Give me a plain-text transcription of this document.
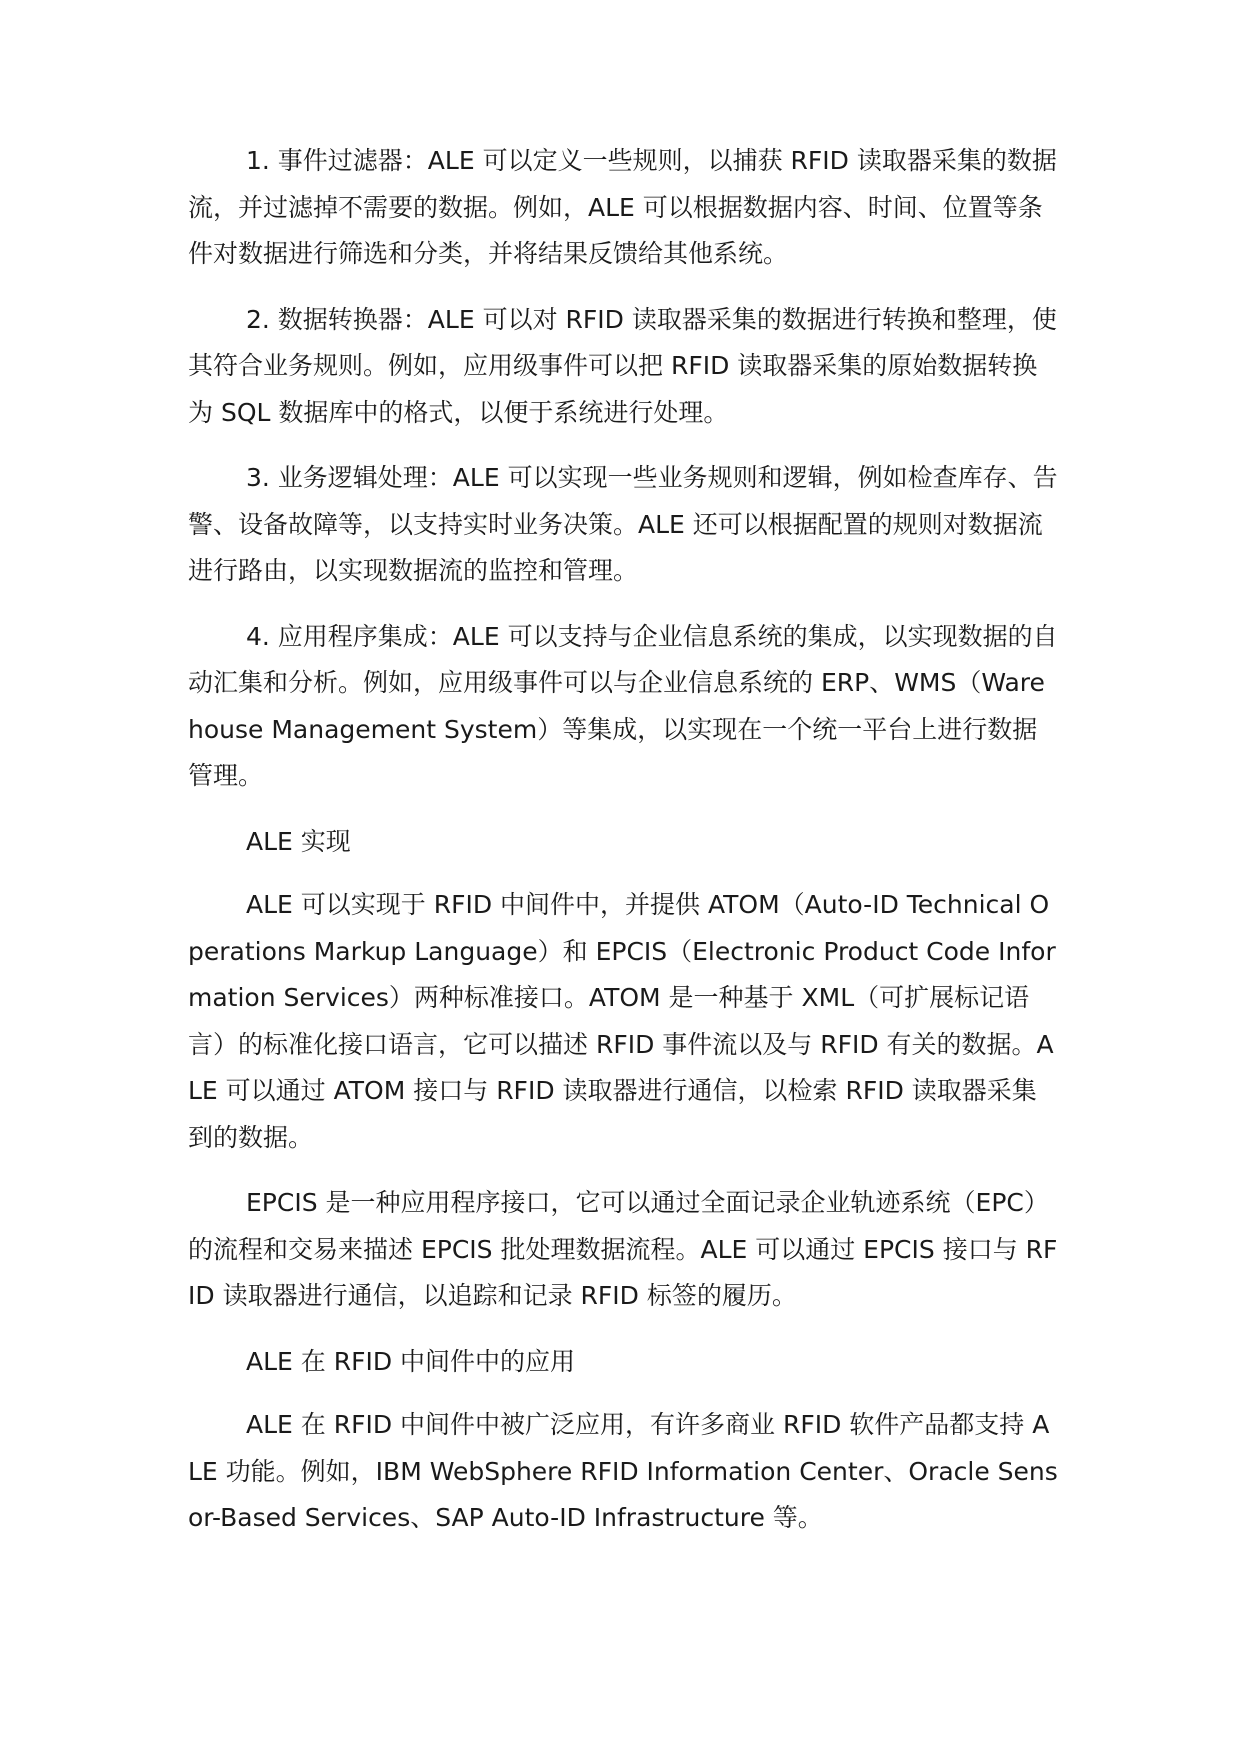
1. 事件过滤器：ALE 可以定义一些规则，以捕获 RFID 读取器采集的数据流，并过滤掉不需要的数据。例如，ALE 可以根据数据内容、时间、位置等条件对数据进行筛选和分类，并将结果反馈给其他系统。

2. 数据转换器：ALE 可以对 RFID 读取器采集的数据进行转换和整理，使其符合业务规则。例如，应用级事件可以把 RFID 读取器采集的原始数据转换为 SQL 数据库中的格式，以便于系统进行处理。

3. 业务逻辑处理：ALE 可以实现一些业务规则和逻辑，例如检查库存、告警、设备故障等，以支持实时业务决策。ALE 还可以根据配置的规则对数据流进行路由，以实现数据流的监控和管理。

4. 应用程序集成：ALE 可以支持与企业信息系统的集成，以实现数据的自动汇集和分析。例如，应用级事件可以与企业信息系统的 ERP、WMS（Warehouse Management System）等集成，以实现在一个统一平台上进行数据管理。

ALE 实现

ALE 可以实现于 RFID 中间件中，并提供 ATOM（Auto-ID Technical Operations Markup Language）和 EPCIS（Electronic Product Code Information Services）两种标准接口。ATOM 是一种基于 XML（可扩展标记语言）的标准化接口语言，它可以描述 RFID 事件流以及与 RFID 有关的数据。ALE 可以通过 ATOM 接口与 RFID 读取器进行通信，以检索 RFID 读取器采集到的数据。

EPCIS 是一种应用程序接口，它可以通过全面记录企业轨迹系统（EPC）的流程和交易来描述 EPCIS 批处理数据流程。ALE 可以通过 EPCIS 接口与 RFID 读取器进行通信，以追踪和记录 RFID 标签的履历。

ALE 在 RFID 中间件中的应用

ALE 在 RFID 中间件中被广泛应用，有许多商业 RFID 软件产品都支持 ALE 功能。例如，IBM WebSphere RFID Information Center、Oracle Sensor-Based Services、SAP Auto-ID Infrastructure 等。
